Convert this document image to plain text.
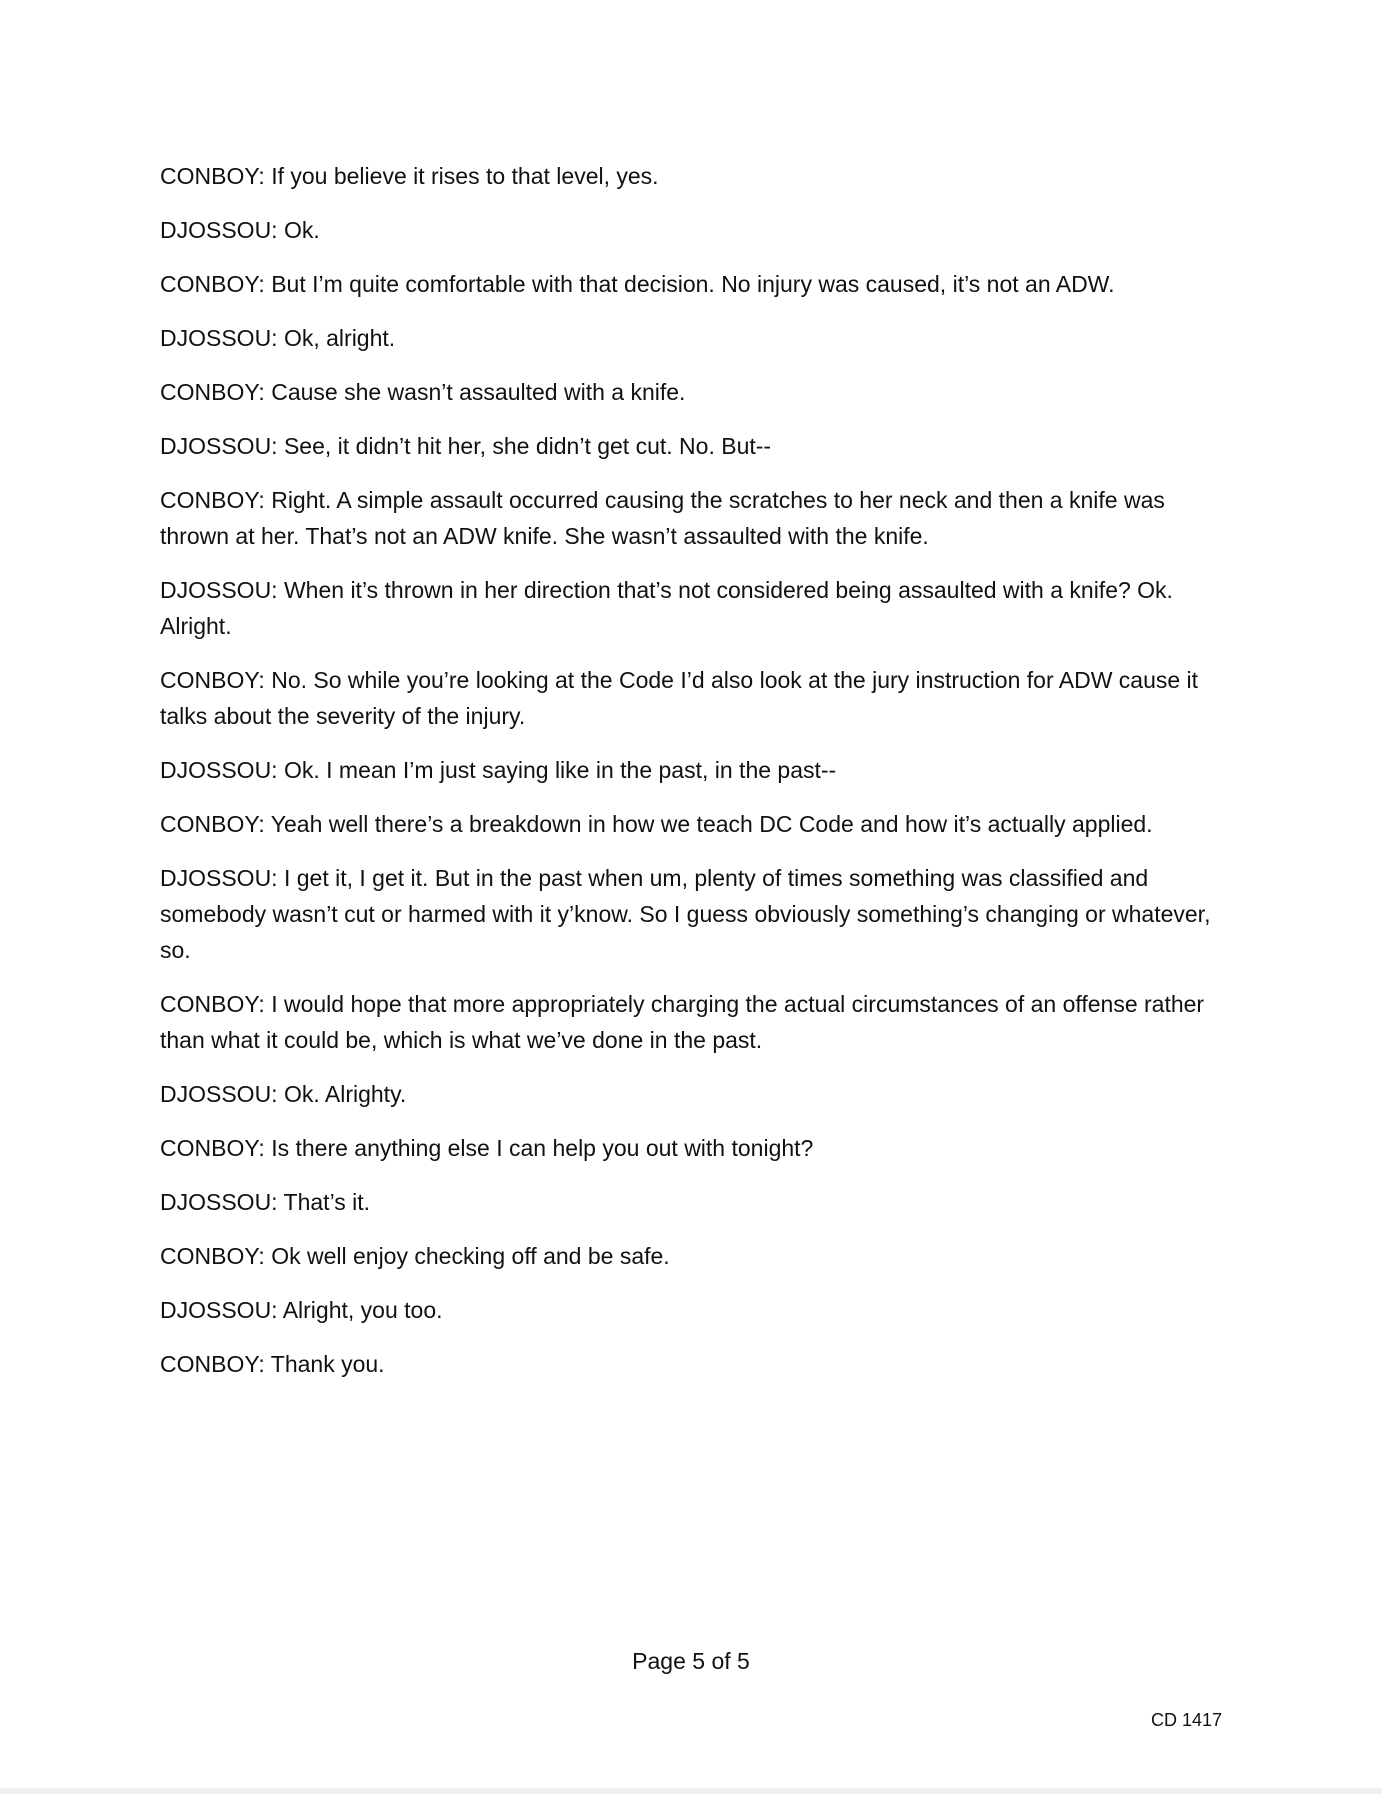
CONBOY: If you believe it rises to that level, yes.

DJOSSOU: Ok.

CONBOY: But I’m quite comfortable with that decision. No injury was caused, it’s not an ADW.

DJOSSOU: Ok, alright.

CONBOY: Cause she wasn’t assaulted with a knife.

DJOSSOU: See, it didn’t hit her, she didn’t get cut. No. But--

CONBOY: Right. A simple assault occurred causing the scratches to her neck and then a knife was thrown at her. That’s not an ADW knife. She wasn’t assaulted with the knife.

DJOSSOU: When it’s thrown in her direction that’s not considered being assaulted with a knife? Ok. Alright.

CONBOY: No. So while you’re looking at the Code I’d also look at the jury instruction for ADW cause it talks about the severity of the injury.

DJOSSOU: Ok. I mean I’m just saying like in the past, in the past--

CONBOY: Yeah well there’s a breakdown in how we teach DC Code and how it’s actually applied.

DJOSSOU: I get it, I get it. But in the past when um, plenty of times something was classified and somebody wasn’t cut or harmed with it y’know. So I guess obviously something’s changing or whatever, so.

CONBOY: I would hope that more appropriately charging the actual circumstances of an offense rather than what it could be, which is what we’ve done in the past.

DJOSSOU: Ok. Alrighty.

CONBOY: Is there anything else I can help you out with tonight?

DJOSSOU: That’s it.

CONBOY: Ok well enjoy checking off and be safe.

DJOSSOU: Alright, you too.

CONBOY: Thank you.

Page 5 of 5
CD 1417
